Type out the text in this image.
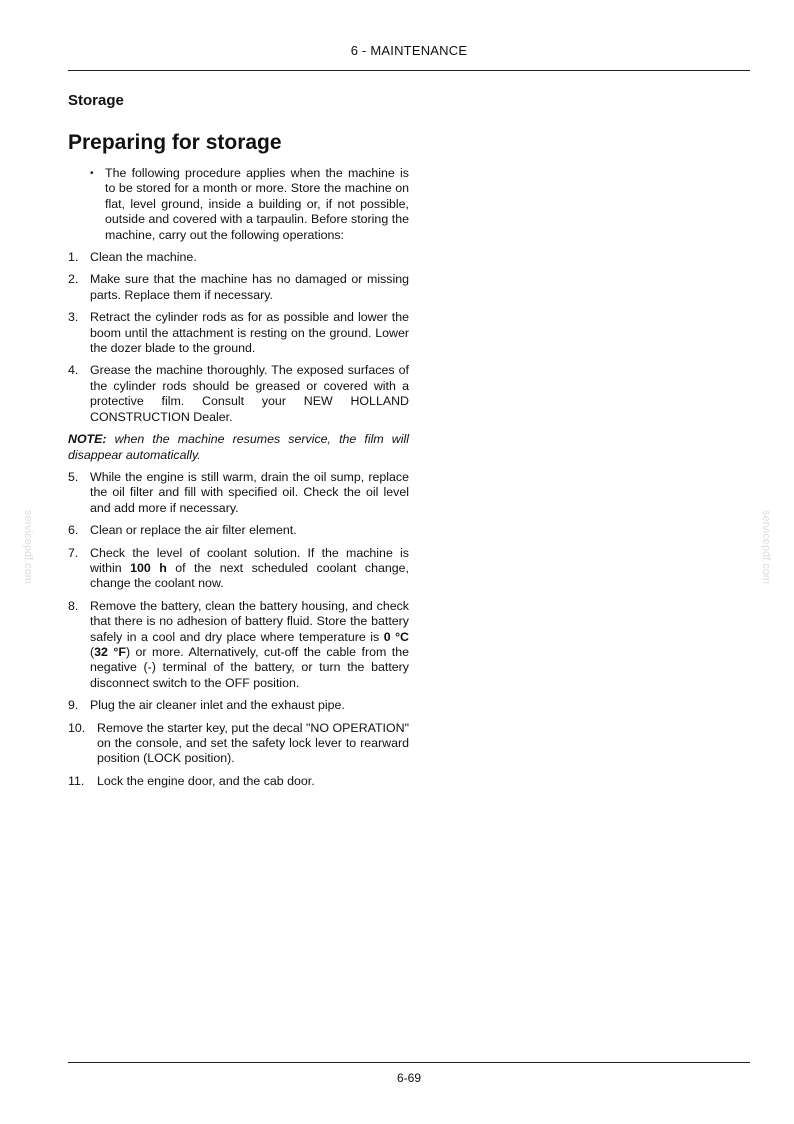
6 - MAINTENANCE
Storage
Preparing for storage
• The following procedure applies when the machine is to be stored for a month or more. Store the machine on flat, level ground, inside a building or, if not possible, outside and covered with a tarpaulin. Before storing the machine, carry out the following operations:
1. Clean the machine.
2. Make sure that the machine has no damaged or missing parts. Replace them if necessary.
3. Retract the cylinder rods as for as possible and lower the boom until the attachment is resting on the ground. Lower the dozer blade to the ground.
4. Grease the machine thoroughly. The exposed surfaces of the cylinder rods should be greased or covered with a protective film. Consult your NEW HOLLAND CONSTRUCTION Dealer.
NOTE: when the machine resumes service, the film will disappear automatically.
5. While the engine is still warm, drain the oil sump, replace the oil filter and fill with specified oil. Check the oil level and add more if necessary.
6. Clean or replace the air filter element.
7. Check the level of coolant solution. If the machine is within 100 h of the next scheduled coolant change, change the coolant now.
8. Remove the battery, clean the battery housing, and check that there is no adhesion of battery fluid. Store the battery safely in a cool and dry place where temperature is 0 °C (32 °F) or more. Alternatively, cut-off the cable from the negative (-) terminal of the battery, or turn the battery disconnect switch to the OFF position.
9. Plug the air cleaner inlet and the exhaust pipe.
10. Remove the starter key, put the decal "NO OPERATION" on the console, and set the safety lock lever to rearward position (LOCK position).
11. Lock the engine door, and the cab door.
servicepdf.com	servicepdf.com
6-69
